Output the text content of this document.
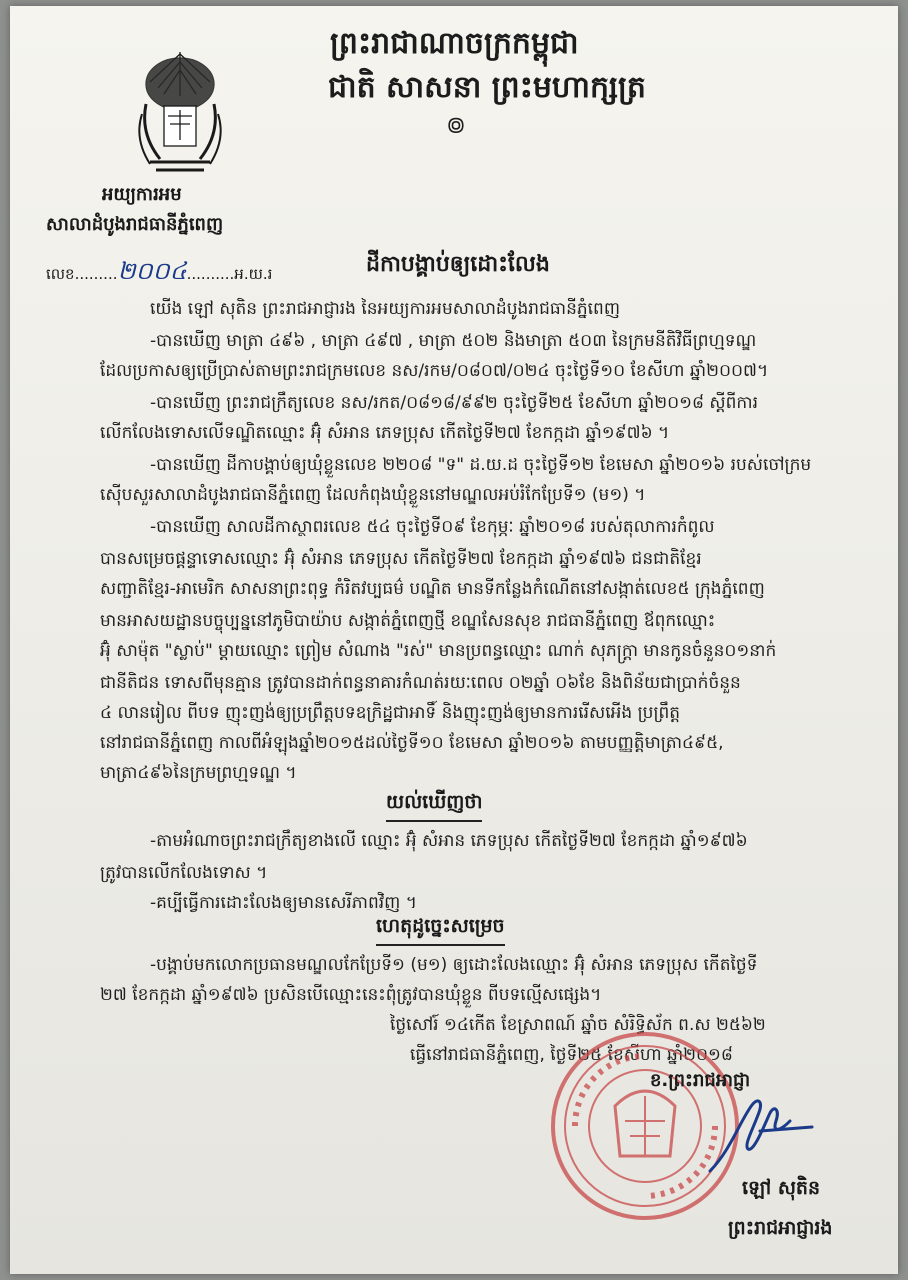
ព្រះរាជាណាចក្រកម្ពុជា
ជាតិ សាសនា ព្រះមហាក្សត្រ
៙
អយ្យការអម
សាលាដំបូងរាជធានីភ្នំពេញ
លេខ.........២០០៤..........អ.យ.រ	ដីកាបង្គាប់ឲ្យដោះលែង
យើង ឡៅ សុតិន ព្រះរាជអាជ្ញារង នៃអយ្យការអមសាលាដំបូងរាជធានីភ្នំពេញ
-បានឃើញ មាត្រា ៤៩៦ , មាត្រា ៤៩៧ , មាត្រា ៥០២ និងមាត្រា ៥០៣ នៃក្រមនីតិវិធីព្រហ្មទណ្ឌ
ដែលប្រកាសឲ្យប្រើប្រាស់តាមព្រះរាជក្រមលេខ នស/រកម/០៨០៧/០២៤ ចុះថ្ងៃទី១០ ខែសីហា ឆ្នាំ២០០៧។
-បានឃើញ ព្រះរាជក្រឹត្យលេខ នស/រកត/០៨១៨/៩៩២ ចុះថ្ងៃទី២៥ ខែសីហា ឆ្នាំ២០១៨ ស្តីពីការ
លើកលែងទោសលើទណ្ឌិតឈ្មោះ អ៊ុំ សំអាន ភេទប្រុស កើតថ្ងៃទី២៧ ខែកក្កដា ឆ្នាំ១៩៧៦ ។
-បានឃើញ ដីកាបង្គាប់ឲ្យឃុំខ្លួនលេខ ២២០៨ "ទ" ដ.យ.ដ ចុះថ្ងៃទី១២ ខែមេសា ឆ្នាំ២០១៦ របស់ចៅក្រម
ស៊ើបសួរសាលាដំបូងរាជធានីភ្នំពេញ ដែលកំពុងឃុំខ្លួននៅមណ្ឌលអប់រំកែប្រែទី១ (ម១) ។
-បានឃើញ សាលដីកាស្ថាពរលេខ ៥៤ ចុះថ្ងៃទី០៩ ខែកុម្ភៈ ឆ្នាំ២០១៨ របស់តុលាការកំពូល
បានសម្រេចផ្តន្ទាទោសឈ្មោះ អ៊ុំ សំអាន ភេទប្រុស កើតថ្ងៃទី២៧ ខែកក្កដា ឆ្នាំ១៩៧៦ ជនជាតិខ្មែរ
សញ្ជាតិខ្មែរ-អាមេរិក សាសនាព្រះពុទ្ធ កំរិតវប្បធម៌ បណ្ឌិត មានទីកន្លែងកំណើតនៅសង្កាត់លេខ៥ ក្រុងភ្នំពេញ
មានអាសយដ្ឋានបច្ចុប្បន្ននៅភូមិបាយ៉ាប សង្កាត់ភ្នំពេញថ្មី ខណ្ឌសែនសុខ រាជធានីភ្នំពេញ ឪពុកឈ្មោះ
អ៊ុំ សាម៉ុត "ស្លាប់" ម្តាយឈ្មោះ ព្រៀម សំណាង "រស់" មានប្រពន្ធឈ្មោះ ណាក់ សុភក្រ្តា មានកូនចំនួន០១នាក់
ជានីតិជន ទោសពីមុនគ្មាន ត្រូវបានដាក់ពន្ធនាគារកំណត់រយៈពេល ០២ឆ្នាំ ០៦ខែ និងពិន័យជាប្រាក់ចំនួន
៤ លានរៀល ពីបទ ញុះញង់ឲ្យប្រព្រឹត្តបទឧក្រិដ្ឋជាអាទិ៍ និងញុះញង់ឲ្យមានការរើសអើង ប្រព្រឹត្ត
នៅរាជធានីភ្នំពេញ កាលពីអំឡុងឆ្នាំ២០១៥ដល់ថ្ងៃទី១០ ខែមេសា ឆ្នាំ២០១៦ តាមបញ្ញត្តិមាត្រា៤៩៥,
មាត្រា៤៩៦នៃក្រមព្រហ្មទណ្ឌ ។
យល់ឃើញថា
-តាមអំណាចព្រះរាជក្រឹត្យខាងលើ ឈ្មោះ អ៊ុំ សំអាន ភេទប្រុស កើតថ្ងៃទី២៧ ខែកក្កដា ឆ្នាំ១៩៧៦
ត្រូវបានលើកលែងទោស ។
-គប្បីធ្វើការដោះលែងឲ្យមានសេរីភាពវិញ ។
ហេតុដូច្នេះសម្រេច
-បង្គាប់មកលោកប្រធានមណ្ឌលកែប្រែទី១ (ម១) ឲ្យដោះលែងឈ្មោះ អ៊ុំ សំអាន ភេទប្រុស កើតថ្ងៃទី
២៧ ខែកក្កដា ឆ្នាំ១៩៧៦ ប្រសិនបើឈ្មោះនេះពុំត្រូវបានឃុំខ្លួន ពីបទល្មើសផ្សេង។
ថ្ងៃសៅរ៍ ១៤កើត ខែស្រាពណ៍ ឆ្នាំច សំរិទ្ធិស័ក ព.ស ២៥៦២
ធ្វើនៅរាជធានីភ្នំពេញ, ថ្ងៃទី២៥ ខែសីហា ឆ្នាំ២០១៨
ខ.ព្រះរាជអាជ្ញា
ឡៅ សុតិន
ព្រះរាជអាជ្ញារង
